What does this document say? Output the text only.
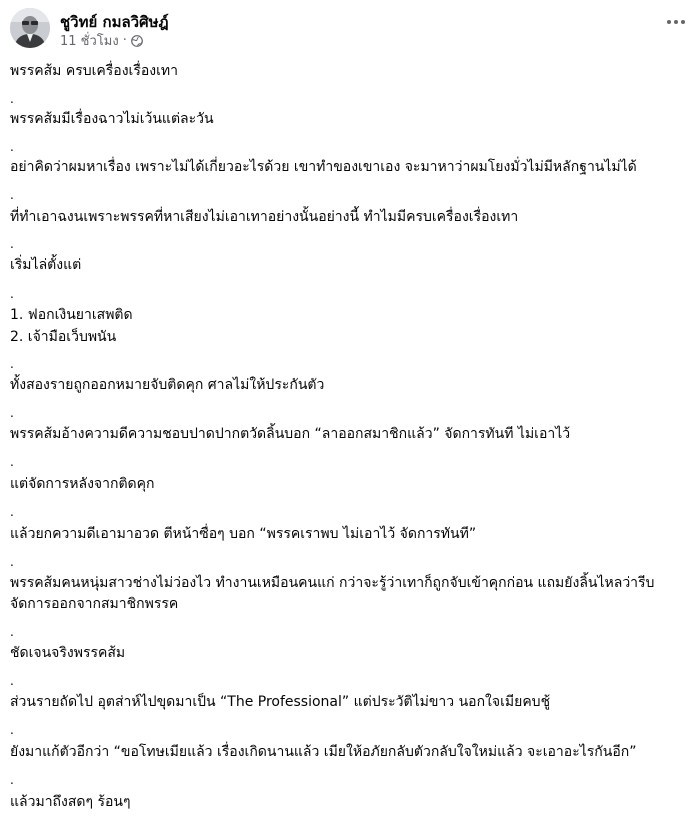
ชูวิทย์ กมลวิศิษฎ์
11 ชั่วโมง ·
พรรคส้ม ครบเครื่องเรื่องเทา
.
พรรคส้มมีเรื่องฉาวไม่เว้นแต่ละวัน
.
อย่าคิดว่าผมหาเรื่อง เพราะไม่ได้เกี่ยวอะไรด้วย เขาทำของเขาเอง จะมาหาว่าผมโยงมั่วไม่มีหลักฐานไม่ได้
.
ที่ทำเอาฉงนเพราะพรรคที่หาเสียงไม่เอาเทาอย่างนั้นอย่างนี้ ทำไมมีครบเครื่องเรื่องเทา
.
เริ่มไล่ตั้งแต่
.
1. ฟอกเงินยาเสพติด
2. เจ้ามือเว็บพนัน
.
ทั้งสองรายถูกออกหมายจับติดคุก ศาลไม่ให้ประกันตัว
.
พรรคส้มอ้างความดีความชอบปาดปากตวัดลิ้นบอก “ลาออกสมาชิกแล้ว” จัดการทันที ไม่เอาไว้
.
แต่จัดการหลังจากติดคุก
.
แล้วยกความดีเอามาอวด ตีหน้าซื่อๆ บอก “พรรคเราพบ ไม่เอาไว้ จัดการทันที”
.
พรรคส้มคนหนุ่มสาวช่างไม่ว่องไว ทำงานเหมือนคนแก่ กว่าจะรู้ว่าเทาก็ถูกจับเข้าคุกก่อน แถมยังลิ้นไหลว่ารีบ
จัดการออกจากสมาชิกพรรค
.
ชัดเจนจริงพรรคส้ม
.
ส่วนรายถัดไป อุตส่าห์ไปขุดมาเป็น “The Professional” แต่ประวัติไม่ขาว นอกใจเมียคบชู้
.
ยังมาแก้ตัวอีกว่า “ขอโทษเมียแล้ว เรื่องเกิดนานแล้ว เมียให้อภัยกลับตัวกลับใจใหม่แล้ว จะเอาอะไรกันอีก”
.
แล้วมาถึงสดๆ ร้อนๆ
